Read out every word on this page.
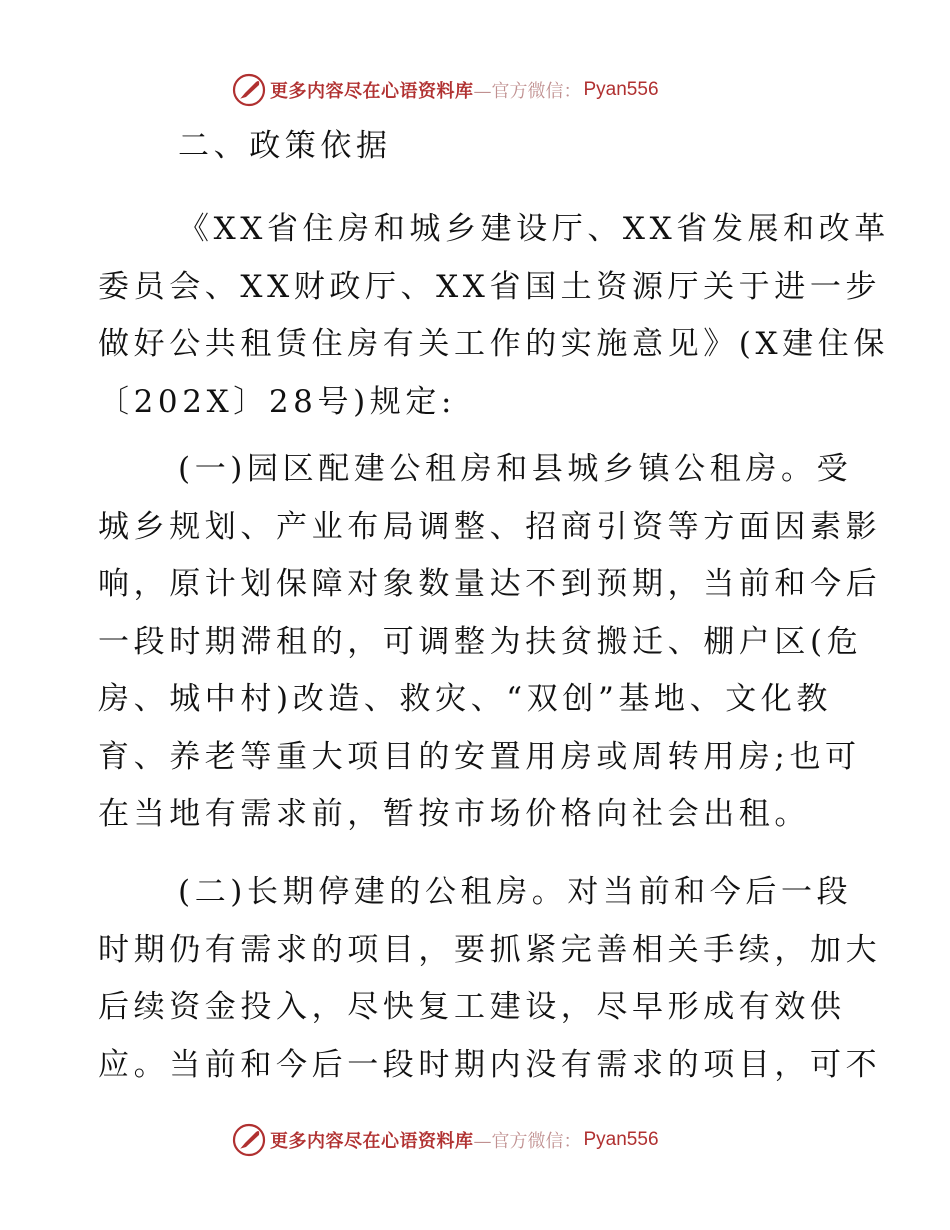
更多内容尽在心语资料库 —官方微信： Pyan556
二、政策依据
《XX省住房和城乡建设厅、XX省发展和改革
委员会、XX财政厅、XX省国土资源厅关于进一步
做好公共租赁住房有关工作的实施意见》(X建住保
〔202X〕28号)规定:
(一)园区配建公租房和县城乡镇公租房。受
城乡规划、产业布局调整、招商引资等方面因素影
响，原计划保障对象数量达不到预期，当前和今后
一段时期滞租的，可调整为扶贫搬迁、棚户区(危
房、城中村)改造、救灾、“双创”基地、文化教
育、养老等重大项目的安置用房或周转用房;也可
在当地有需求前，暂按市场价格向社会出租。
(二)长期停建的公租房。对当前和今后一段
时期仍有需求的项目，要抓紧完善相关手续，加大
后续资金投入，尽快复工建设，尽早形成有效供
应。当前和今后一段时期内没有需求的项目，可不
更多内容尽在心语资料库 —官方微信： Pyan556
